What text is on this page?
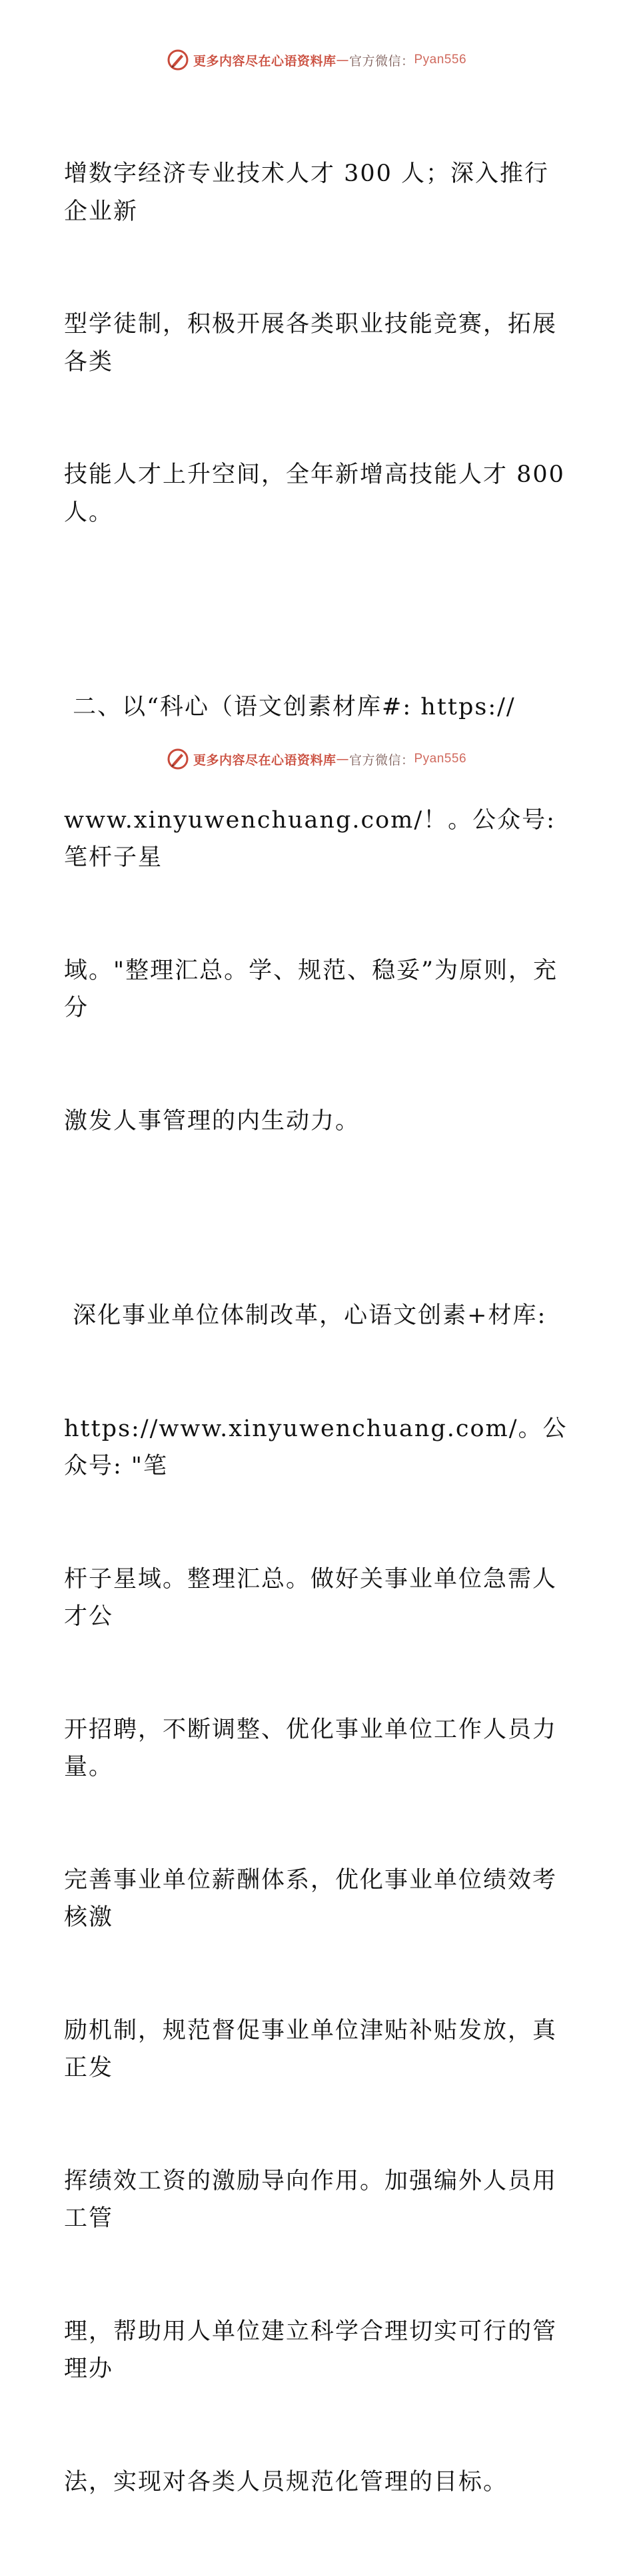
更多内容尽在心语资料库 — 官方微信： Pyan556

增数字经济专业技术人才 300 人；深入推行企业新

型学徒制，积极开展各类职业技能竞赛，拓展各类

技能人才上升空间，全年新增高技能人才 800 人。

二、以“科心（语文创素材库#: https://

www.xinyuwenchuang.com/！。公众号: 笔杆子星

域。"整理汇总。学、规范、稳妥”为原则，充分

激发人事管理的内生动力。

深化事业单位体制改革，心语文创素+材库:

https://www.xinyuwenchuang.com/。公众号: "笔

杆子星域。整理汇总。做好关事业单位急需人才公

开招聘，不断调整、优化事业单位工作人员力量。

完善事业单位薪酬体系，优化事业单位绩效考核激

励机制，规范督促事业单位津贴补贴发放，真正发

挥绩效工资的激励导向作用。加强编外人员用工管

理，帮助用人单位建立科学合理切实可行的管理办

法，实现对各类人员规范化管理的目标。

更多内容尽在心语资料库 — 官方微信： Pyan556
